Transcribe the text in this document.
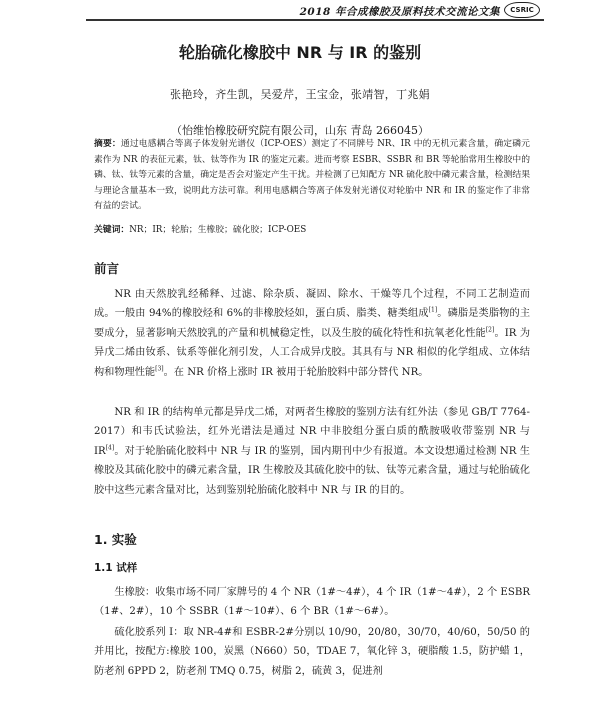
2018 年合成橡胶及原料技术交流论文集	CSRIC
轮胎硫化橡胶中 NR 与 IR 的鉴别
张艳玲，齐生凯，吴爱芹，王宝金，张靖智，丁兆娟
（怡维怡橡胶研究院有限公司，山东 青岛 266045）
摘要：通过电感耦合等离子体发射光谱仪（ICP-OES）测定了不同牌号 NR、IR 中的无机元素含量，确定磷元素作为 NR 的表征元素，钛、钛等作为 IR 的鉴定元素。进而考察 ESBR、SSBR 和 BR 等轮胎常用生橡胶中的磷、钛、钛等元素的含量，确定是否会对鉴定产生干扰。并检测了已知配方 NR 硫化胶中磷元素含量，检测结果与理论含量基本一致，说明此方法可靠。利用电感耦合等离子体发射光谱仪对轮胎中 NR 和 IR 的鉴定作了非常有益的尝试。
关键词：NR；IR；轮胎；生橡胶；硫化胶；ICP-OES
前言
NR 由天然胶乳经稀释、过滤、除杂质、凝固、除水、干燥等几个过程，不同工艺制造而成。一般由 94%的橡胶烃和 6%的非橡胶烃如，蛋白质、脂类、糖类组成[1]。磷脂是类脂物的主要成分，显著影响天然胶乳的产量和机械稳定性，以及生胶的硫化特性和抗氧老化性能[2]。IR 为异戊二烯由钕系、钛系等催化剂引发，人工合成异戊胶。其具有与 NR 相似的化学组成、立体结构和物理性能[3]。在 NR 价格上涨时 IR 被用于轮胎胶料中部分替代 NR。
NR 和 IR 的结构单元都是异戊二烯，对两者生橡胶的鉴别方法有红外法（参见 GB/T 7764-2017）和韦氏试验法，红外光谱法是通过 NR 中非胶组分蛋白质的酰胺吸收带鉴别 NR 与 IR[4]。对于轮胎硫化胶料中 NR 与 IR 的鉴别，国内期刊中少有报道。本文设想通过检测 NR 生橡胶及其硫化胶中的磷元素含量，IR 生橡胶及其硫化胶中的钛、钛等元素含量，通过与轮胎硫化胶中这些元素含量对比，达到鉴别轮胎硫化胶料中 NR 与 IR 的目的。
1. 实验
1.1 试样
生橡胶：收集市场不同厂家牌号的 4 个 NR（1#～4#），4 个 IR（1#～4#），2 个 ESBR（1#、2#），10 个 SSBR（1#～10#）、6 个 BR（1#～6#）。
硫化胶系列 I：取 NR-4#和 ESBR-2#分别以 10/90，20/80，30/70，40/60，50/50 的并用比，按配方:橡胶 100，炭黑（N660）50，TDAE 7，氧化锌 3，硬脂酸 1.5，防护蜡 1，防老剂 6PPD 2，防老剂 TMQ 0.75，树脂 2，硫黄 3，促进剂
